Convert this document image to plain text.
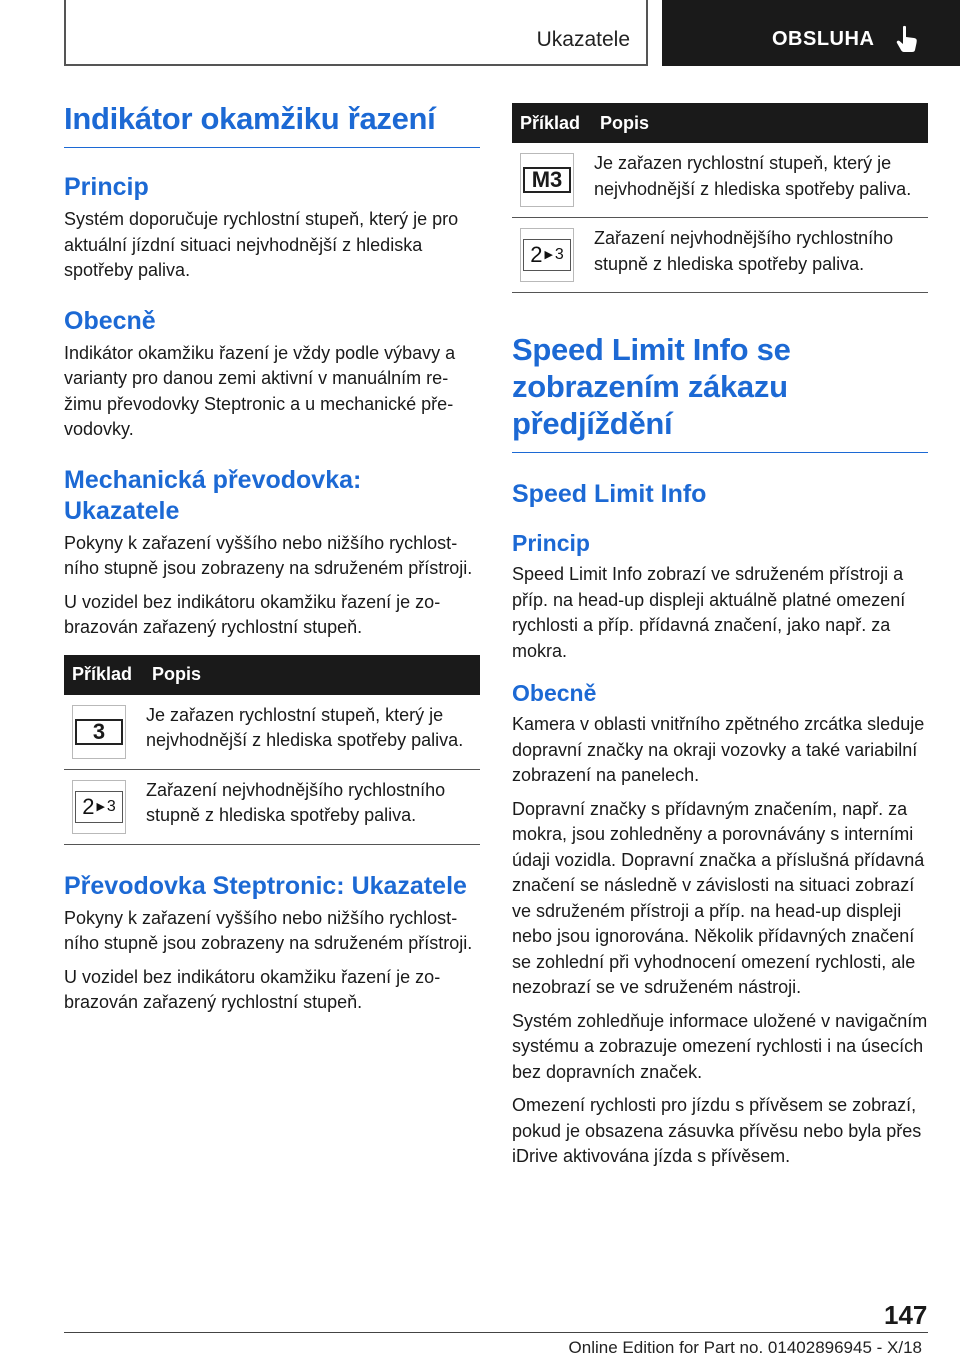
Ukazatele	OBSLUHA
Indikátor okamžiku řazení
Princip

Systém doporučuje rychlostní stupeň, který je pro aktuální jízdní situaci nejvhodnější z hlediska spotřeby paliva.

Obecně

Indikátor okamžiku řazení je vždy podle výbavy a varianty pro danou zemi aktivní v manuálním režimu převodovky Steptronic a u mechanické převodovky.

Mechanická převodovka: Ukazatele

Pokyny k zařazení vyššího nebo nižšího rychlostního stupně jsou zobrazeny na sdruženém přístroji.

U vozidel bez indikátoru okamžiku řazení je zobrazován zařazený rychlostní stupeň.

Příklad	Popis

3	Je zařazen rychlostní stupeň, který je nejvhodnější z hlediska spotřeby paliva.

2 ▶ 3	Zařazení nejvhodnějšího rychlostního stupně z hlediska spotřeby paliva.
Převodovka Steptronic: Ukazatele

Pokyny k zařazení vyššího nebo nižšího rychlostního stupně jsou zobrazeny na sdruženém přístroji.

U vozidel bez indikátoru okamžiku řazení je zobrazován zařazený rychlostní stupeň.

Příklad	Popis

M3	Je zařazen rychlostní stupeň, který je nejvhodnější z hlediska spotřeby paliva.

2 ▶ 3	Zařazení nejvhodnějšího rychlostního stupně z hlediska spotřeby paliva.
Speed Limit Info se zobrazením zákazu předjíždění
Speed Limit Info
Princip

Speed Limit Info zobrazí ve sdruženém přístroji a příp. na head-up displeji aktuálně platné omezení rychlosti a příp. přídavná značení, jako např. za mokra.

Obecně

Kamera v oblasti vnitřního zpětného zrcátka sleduje dopravní značky na okraji vozovky a také variabilní zobrazení na panelech.

Dopravní značky s přídavným značením, např. za mokra, jsou zohledněny a porovnávány s interními údaji vozidla. Dopravní značka a příslušná přídavná značení se následně v závislosti na situaci zobrazí ve sdruženém přístroji a příp. na head-up displeji nebo jsou ignorována. Několik přídavných značení se zohlední při vyhodnocení omezení rychlosti, ale nezobrazí se ve sdruženém nástroji.

Systém zohledňuje informace uložené v navigačním systému a zobrazuje omezení rychlosti i na úsecích bez dopravních značek.

Omezení rychlosti pro jízdu s přívěsem se zobrazí, pokud je obsazena zásuvka přívěsu nebo byla přes iDrive aktivována jízda s přívěsem.

147
Online Edition for Part no. 01402896945 - X/18
